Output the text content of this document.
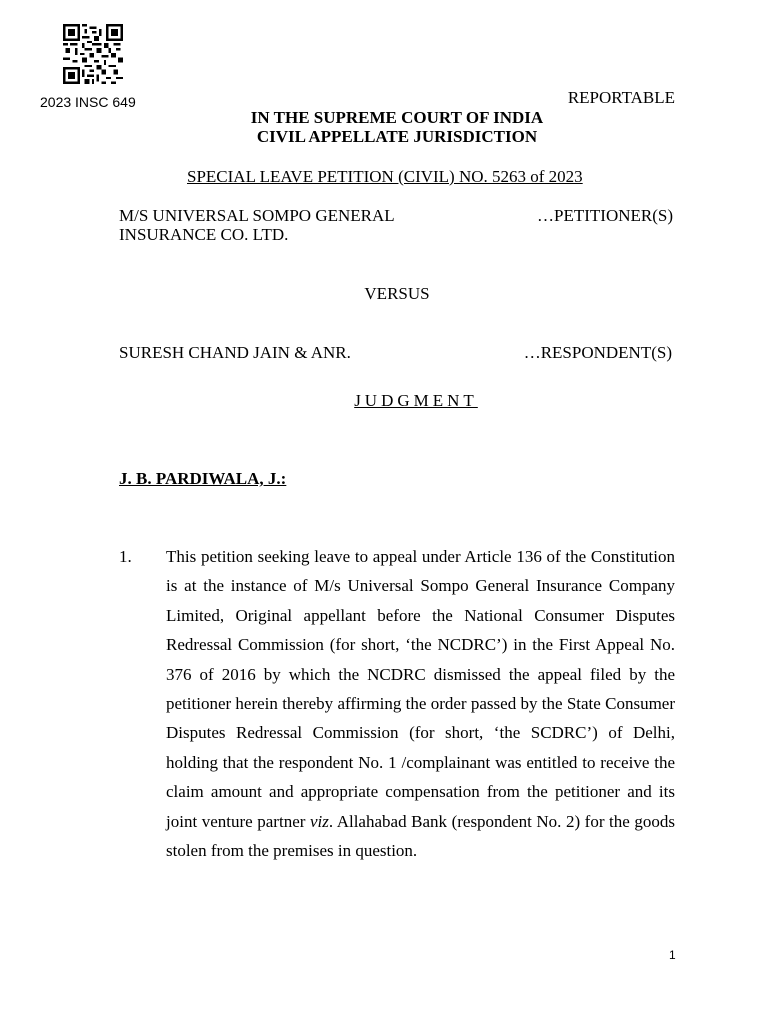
2023 INSC 649	REPORTABLE
IN THE SUPREME COURT OF INDIA
CIVIL APPELLATE JURISDICTION
SPECIAL LEAVE PETITION (CIVIL) NO. 5263 of 2023
M/S UNIVERSAL SOMPO GENERAL
INSURANCE CO. LTD.
…PETITIONER(S)
VERSUS
SURESH CHAND JAIN & ANR.	…RESPONDENT(S)
JUDGMENT
J. B. PARDIWALA, J.:
1. This petition seeking leave to appeal under Article 136 of the Constitution is at the instance of M/s Universal Sompo General Insurance Company Limited, Original appellant before the National Consumer Disputes Redressal Commission (for short, ‘the NCDRC’) in the First Appeal No. 376 of 2016 by which the NCDRC dismissed the appeal filed by the petitioner herein thereby affirming the order passed by the State Consumer Disputes Redressal Commission (for short, ‘the SCDRC’) of Delhi, holding that the respondent No. 1 /complainant was entitled to receive the claim amount and appropriate compensation from the petitioner and its joint venture partner viz. Allahabad Bank (respondent No. 2) for the goods stolen from the premises in question.
1
